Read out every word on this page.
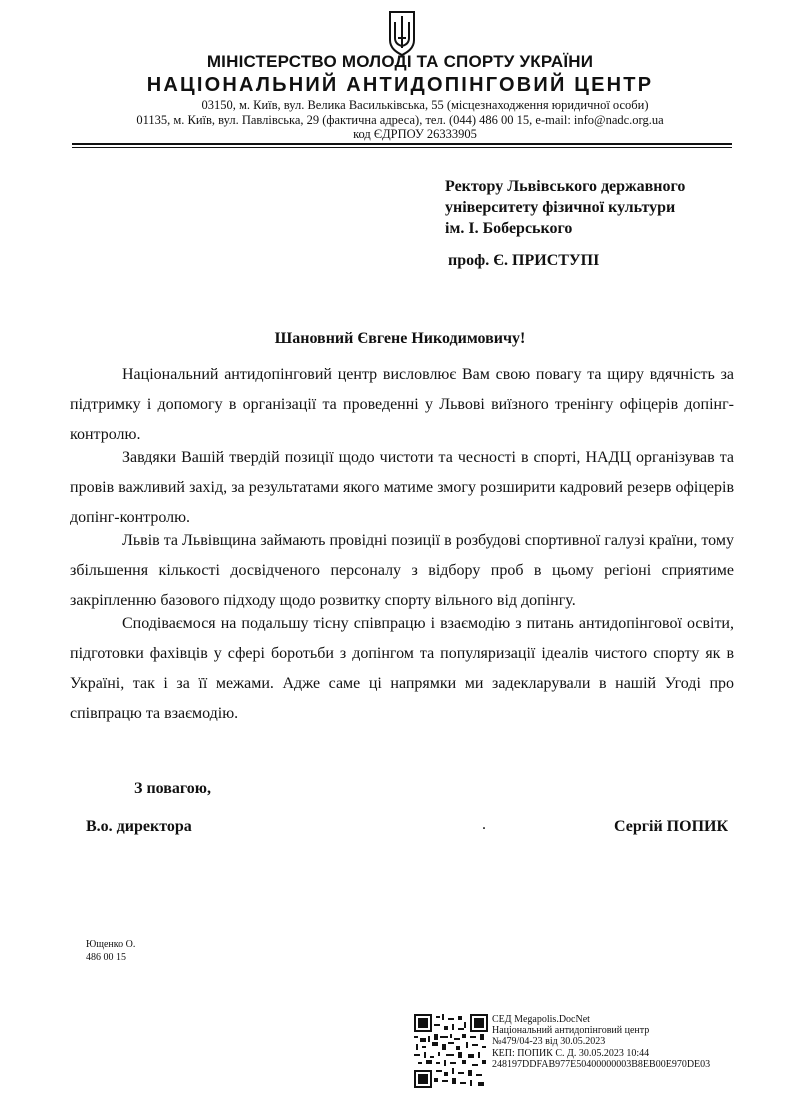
МІНІСТЕРСТВО МОЛОДІ ТА СПОРТУ УКРАЇНИ
НАЦІОНАЛЬНИЙ АНТИДОПІНГОВИЙ ЦЕНТР
03150, м. Київ, вул. Велика Васильківська, 55 (місцезнаходження юридичної особи)
01135, м. Київ, вул. Павлівська, 29 (фактична адреса), тел. (044) 486 00 15, e-mail: info@nadc.org.ua
код ЄДРПОУ 26333905
Ректору Львівського державного
університету фізичної культури
ім. І. Боберського
проф. Є. ПРИСТУПІ
Шановний Євгене Никодимовичу!
Національний антидопінговий центр висловлює Вам свою повагу та щиру вдячність за підтримку і допомогу в організації та проведенні у Львові виїзного тренінгу офіцерів допінг-контролю.
Завдяки Вашій твердій позиції щодо чистоти та чесності в спорті, НАДЦ організував та провів важливий захід, за результатами якого матиме змогу розширити кадровий резерв офіцерів допінг-контролю.
Львів та Львівщина займають провідні позиції в розбудові спортивної галузі країни, тому збільшення кількості досвідченого персоналу з відбору проб в цьому регіоні сприятиме закріпленню базового підходу щодо розвитку спорту вільного від допінгу.
Сподіваємося на подальшу тісну співпрацю і взаємодію з питань антидопінгової освіти, підготовки фахівців у сфері боротьби з допінгом та популяризації ідеалів чистого спорту як в Україні, так і за її межами. Адже саме ці напрямки ми задекларували в нашій Угоді про співпрацю та взаємодію.
З повагою,
В.о. директора	.	Сергій ПОПИК
Ющенко О.
486 00 15
СЕД Megapolis.DocNet
Національний антидопінговий центр
№479/04-23 від 30.05.2023
КЕП: ПОПИК С. Д. 30.05.2023 10:44
248197DDFAB977E50400000003B8EB00E970DE03
